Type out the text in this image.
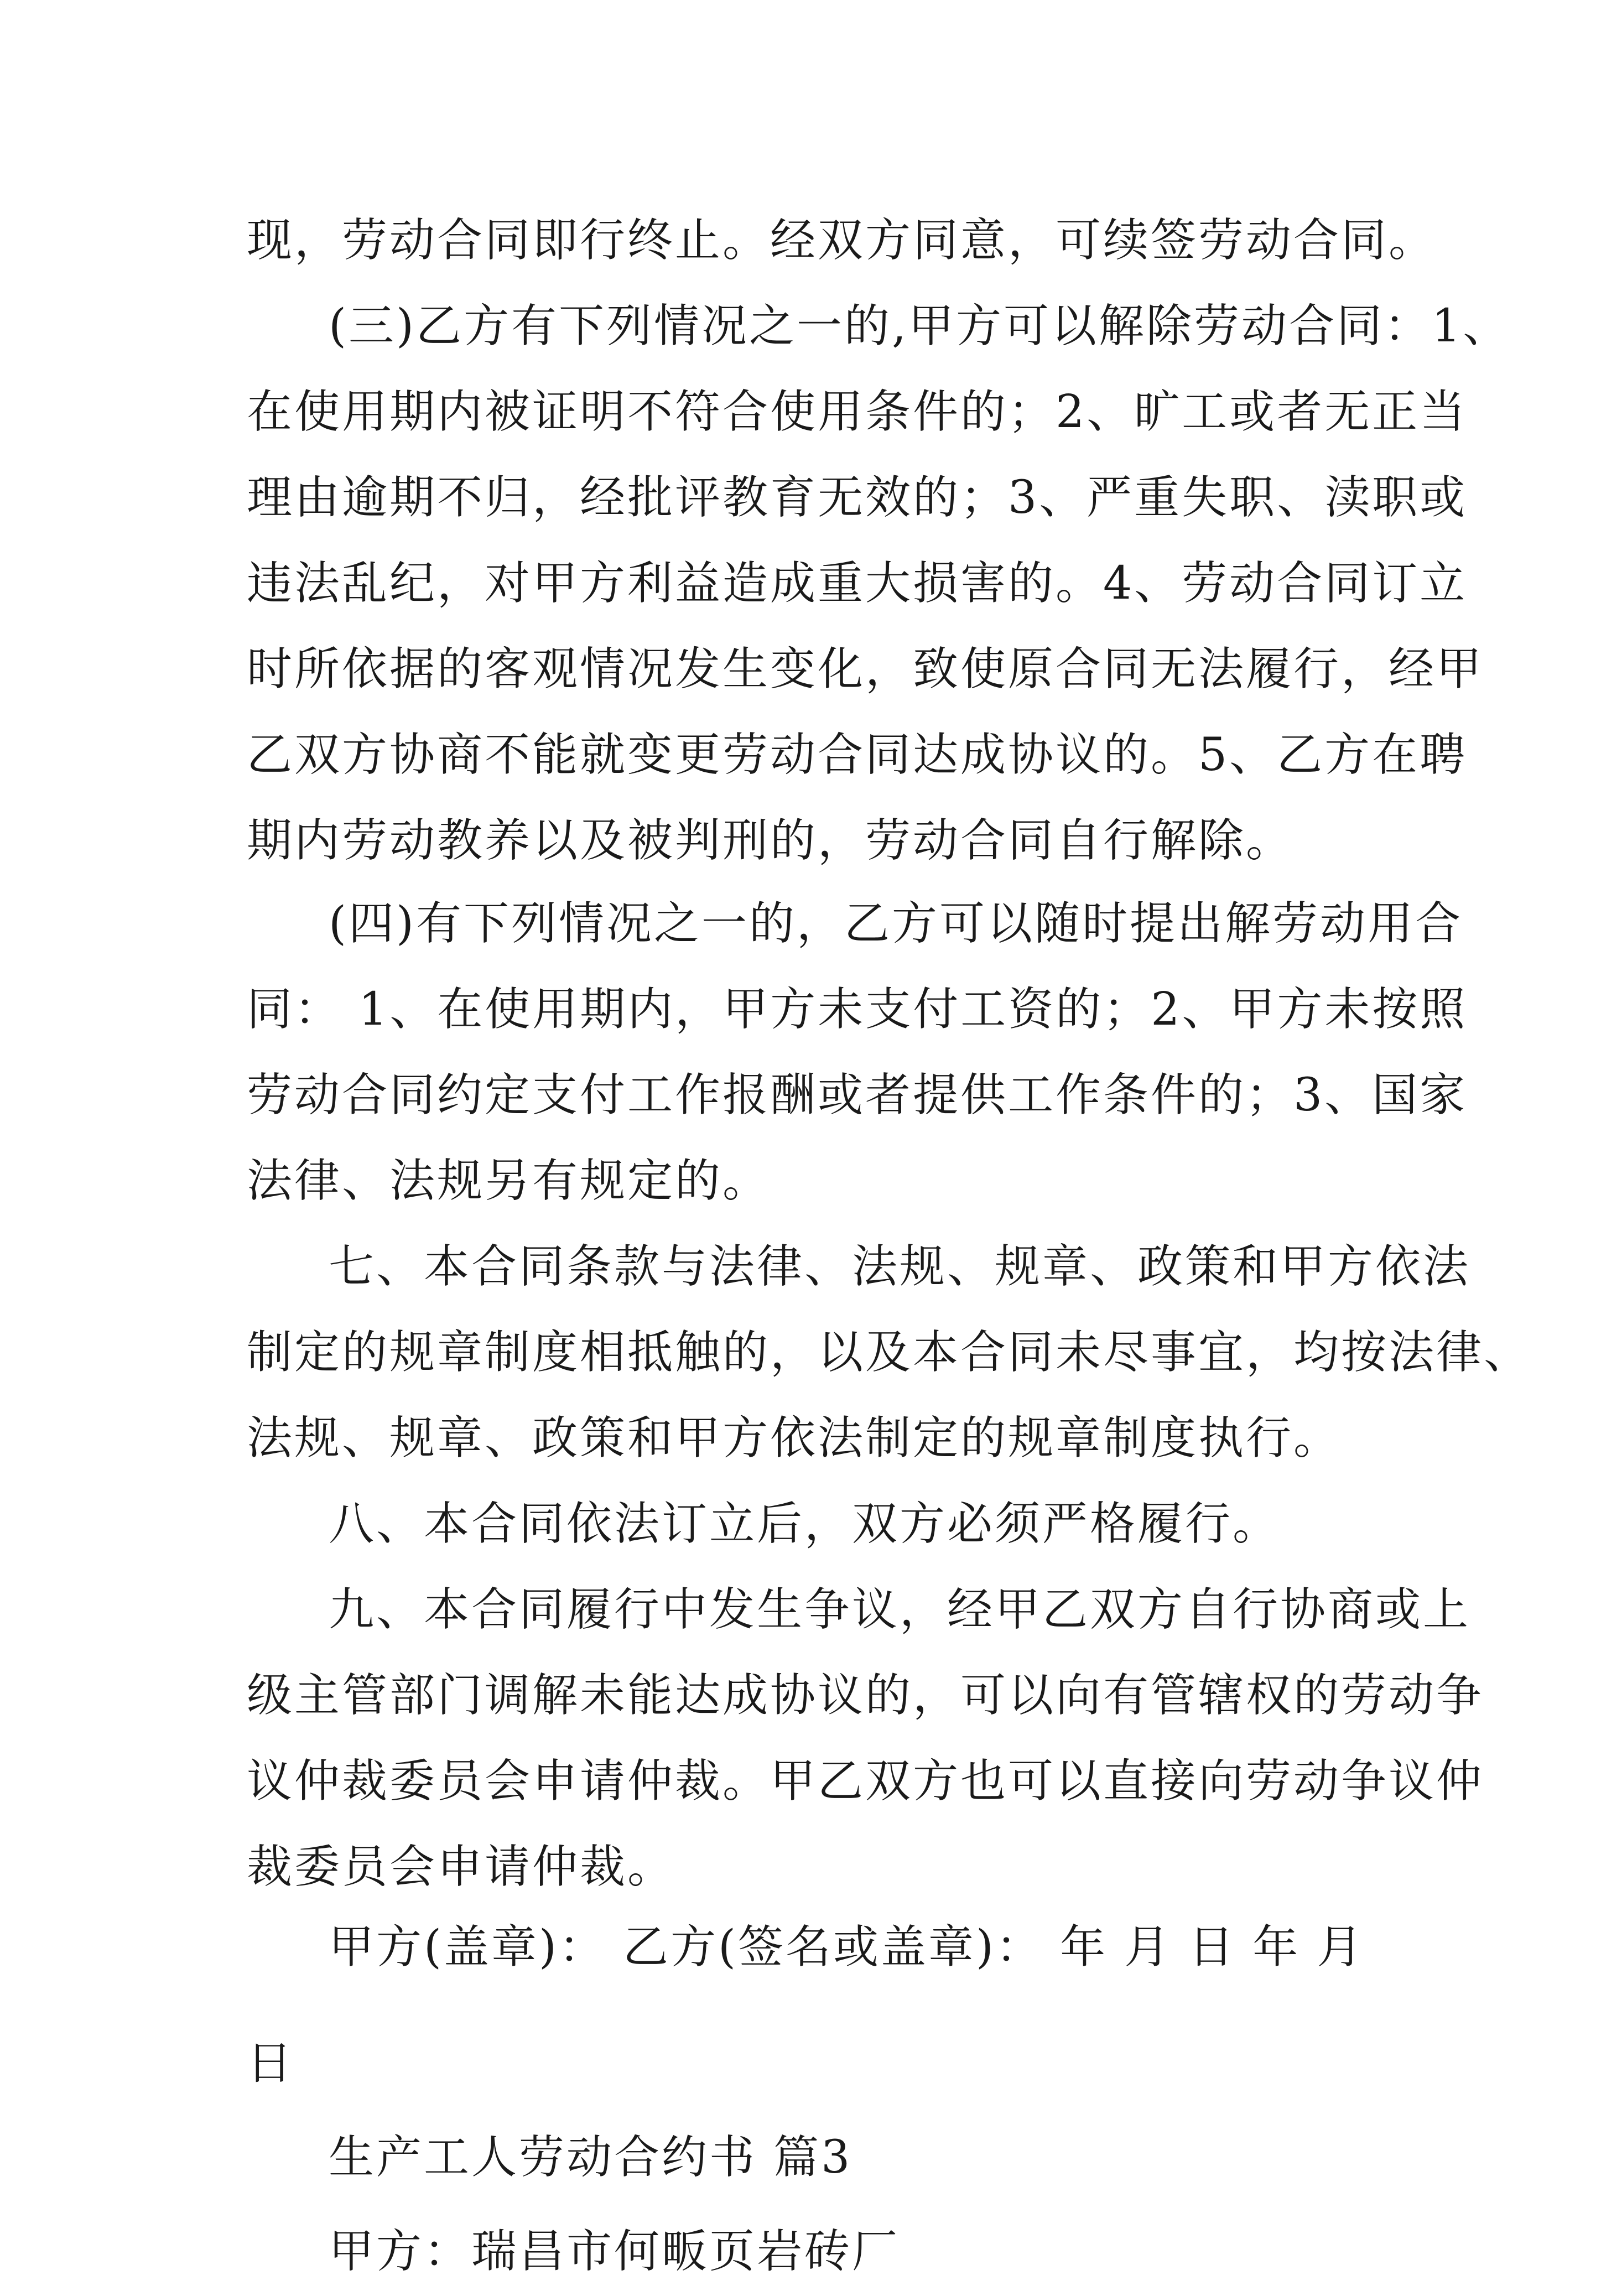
现，劳动合同即行终止。经双方同意，可续签劳动合同。
(三)乙方有下列情况之一的,甲方可以解除劳动合同：1、
在使用期内被证明不符合使用条件的；2、旷工或者无正当
理由逾期不归，经批评教育无效的；3、严重失职、渎职或
违法乱纪，对甲方利益造成重大损害的。4、劳动合同订立
时所依据的客观情况发生变化，致使原合同无法履行，经甲
乙双方协商不能就变更劳动合同达成协议的。5、乙方在聘
期内劳动教养以及被判刑的，劳动合同自行解除。
(四)有下列情况之一的，乙方可以随时提出解劳动用合
同： 1、在使用期内，甲方未支付工资的；2、甲方未按照
劳动合同约定支付工作报酬或者提供工作条件的；3、国家
法律、法规另有规定的。
七、本合同条款与法律、法规、规章、政策和甲方依法
制定的规章制度相抵触的，以及本合同未尽事宜，均按法律、
法规、规章、政策和甲方依法制定的规章制度执行。
八、本合同依法订立后，双方必须严格履行。
九、本合同履行中发生争议，经甲乙双方自行协商或上
级主管部门调解未能达成协议的，可以向有管辖权的劳动争
议仲裁委员会申请仲裁。甲乙双方也可以直接向劳动争议仲
裁委员会申请仲裁。
甲方(盖章)： 乙方(签名或盖章)： 年 月 日 年 月
日
生产工人劳动合约书 篇3
甲方：瑞昌市何畈页岩砖厂
